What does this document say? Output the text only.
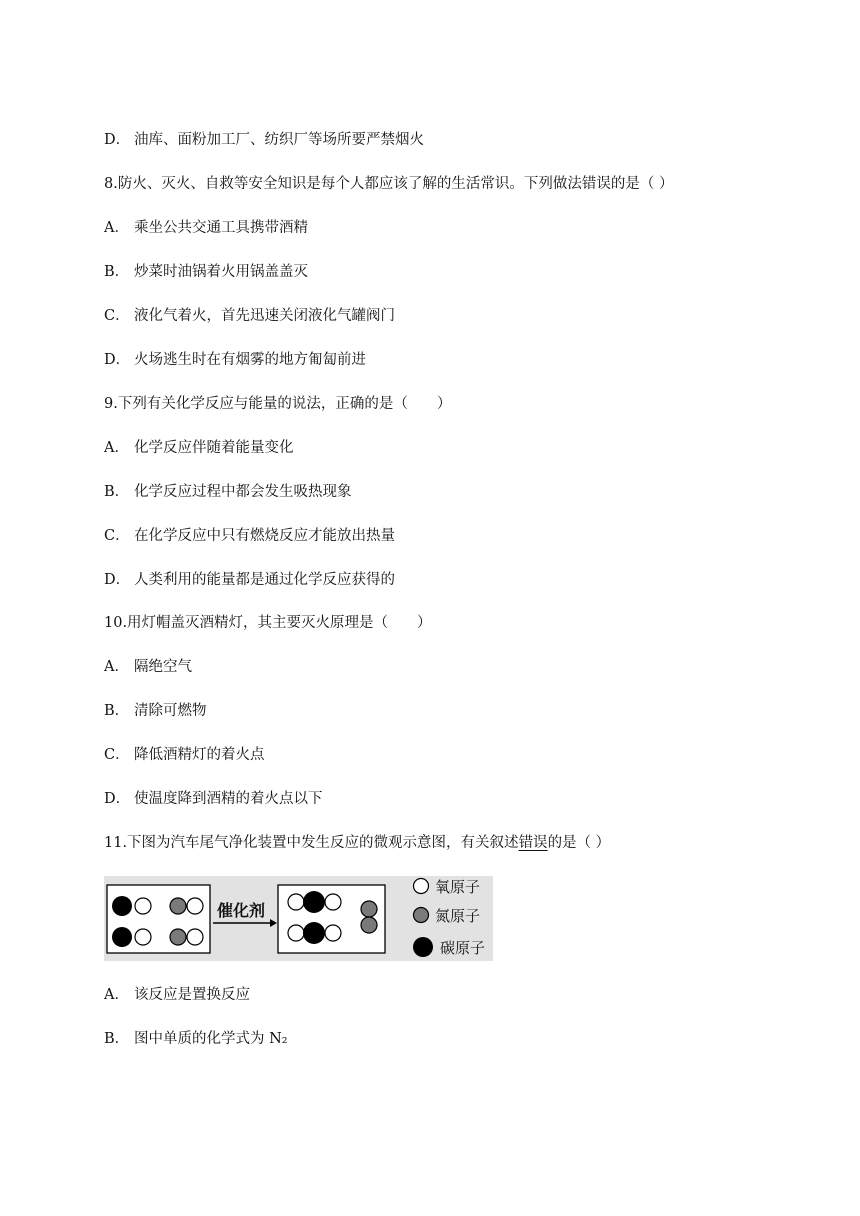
D． 油库、面粉加工厂、纺织厂等场所要严禁烟火
8.防火、灭火、自救等安全知识是每个人都应该了解的生活常识。下列做法错误的是（ ）
A． 乘坐公共交通工具携带酒精
B． 炒菜时油锅着火用锅盖盖灭
C． 液化气着火，首先迅速关闭液化气罐阀门
D． 火场逃生时在有烟雾的地方匍匐前进
9.下列有关化学反应与能量的说法，正确的是（　　）
A． 化学反应伴随着能量变化
B． 化学反应过程中都会发生吸热现象
C． 在化学反应中只有燃烧反应才能放出热量
D． 人类利用的能量都是通过化学反应获得的
10.用灯帽盖灭酒精灯，其主要灭火原理是（　　）
A． 隔绝空气
B． 清除可燃物
C． 降低酒精灯的着火点
D． 使温度降到酒精的着火点以下
11.下图为汽车尾气净化装置中发生反应的微观示意图，有关叙述错误的是（ ）
催化剂
氧原子
氮原子
碳原子
A． 该反应是置换反应
B． 图中单质的化学式为 N₂
